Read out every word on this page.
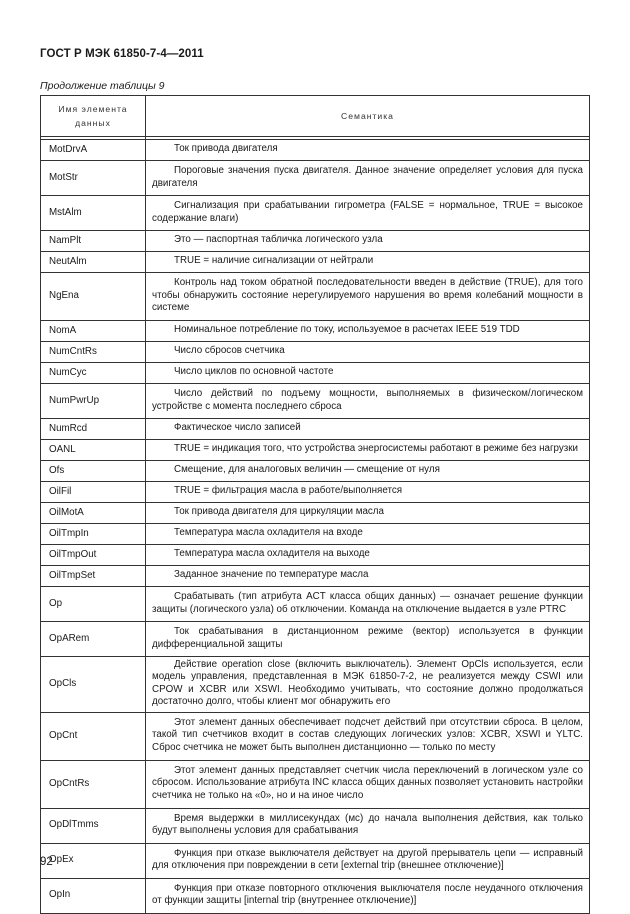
ГОСТ Р МЭК 61850-7-4—2011
Продолжение таблицы 9
Имя элемента данных	Семантика

MotDrvA	Ток привода двигателя

MotStr	Пороговые значения пуска двигателя. Данное значение определяет условия для пуска двигателя

MstAlm	Сигнализация при срабатывании гигрометра (FALSE = нормальное, TRUE = высокое содержание влаги)

NamPlt	Это — паспортная табличка логического узла

NeutAlm	TRUE = наличие сигнализации от нейтрали

NgEna	Контроль над током обратной последовательности введен в действие (TRUE), для того чтобы обнаружить состояние нерегулируемого нарушения во время колебаний мощности в системе

NomA	Номинальное потребление по току, используемое в расчетах IEEE 519 TDD

NumCntRs	Число сбросов счетчика

NumCyc	Число циклов по основной частоте

NumPwrUp	Число действий по подъему мощности, выполняемых в физическом/логическом устройстве с момента последнего сброса

NumRcd	Фактическое число записей

OANL	TRUE = индикация того, что устройства энергосистемы работают в режиме без нагрузки

Ofs	Смещение, для аналоговых величин — смещение от нуля

OilFil	TRUE = фильтрация масла в работе/выполняется

OilMotA	Ток привода двигателя для циркуляции масла

OilTmpIn	Температура масла охладителя на входе

OilTmpOut	Температура масла охладителя на выходе

OilTmpSet	Заданное значение по температуре масла

Op	Срабатывать (тип атрибута ACT класса общих данных) — означает решение функции защиты (логического узла) об отключении. Команда на отключение выдается в узле PTRC

OpARem	Ток срабатывания в дистанционном режиме (вектор) используется в функции дифференциальной защиты

OpCls	Действие operation close (включить выключатель). Элемент OpCls используется, если модель управления, представленная в МЭК 61850-7-2, не реализуется между CSWI или CPOW и XCBR или XSWI. Необходимо учитывать, что состояние должно продолжаться достаточно долго, чтобы клиент мог обнаружить его

OpCnt	Этот элемент данных обеспечивает подсчет действий при отсутствии сброса. В целом, такой тип счетчиков входит в состав следующих логических узлов: XCBR, XSWI и YLTC. Сброс счетчика не может быть выполнен дистанционно — только по месту

OpCntRs	Этот элемент данных представляет счетчик числа переключений в логическом узле со сбросом. Использование атрибута INC класса общих данных позволяет установить настройки счетчика не только на «0», но и на иное число

OpDlTmms	Время выдержки в миллисекундах (мс) до начала выполнения действия, как только будут выполнены условия для срабатывания

OpEx	Функция при отказе выключателя действует на другой прерыватель цепи — исправный для отключения при повреждении в сети [external trip (внешнее отключение)]

OpIn	Функция при отказе повторного отключения выключателя после неудачного отключения от функции защиты [internal trip (внутреннее отключение)]
92
